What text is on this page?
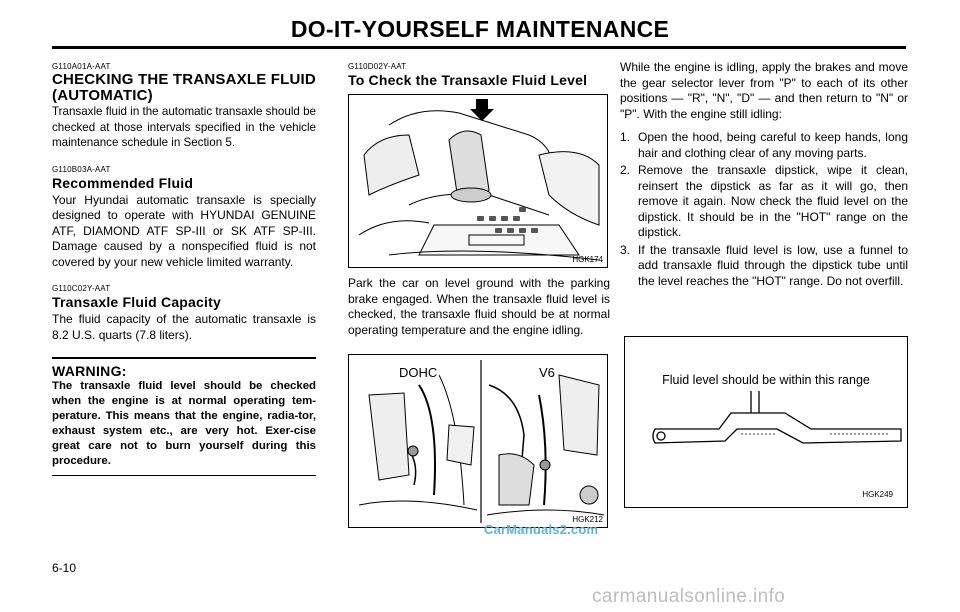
DO-IT-YOURSELF MAINTENANCE
G110A01A-AAT
CHECKING THE TRANSAXLE FLUID (AUTOMATIC)

Transaxle fluid in the automatic transaxle should be checked at those intervals specified in the vehicle maintenance schedule in Section 5.

G110B03A-AAT
Recommended Fluid

Your Hyundai automatic transaxle is specially designed to operate with HYUNDAI GENUINE ATF, DIAMOND ATF SP-III or SK ATF SP-III. Damage caused by a nonspecified fluid is not covered by your new vehicle limited warranty.

G110C02Y-AAT
Transaxle Fluid Capacity

The fluid capacity of the automatic transaxle is 8.2 U.S. quarts (7.8 liters).

WARNING:

The transaxle fluid level should be checked when the engine is at normal operating tem-perature. This means that the engine, radia-tor, exhaust system etc., are very hot. Exer-cise great care not to burn yourself during this procedure.

G110D02Y-AAT
To Check the Transaxle Fluid Level
HGK174

Park the car on level ground with the parking brake engaged. When the transaxle fluid level is checked, the transaxle fluid should be at normal operating temperature and the engine idling.

DOHC	V6
HGK212

While the engine is idling, apply the brakes and move the gear selector lever from "P" to each of its other positions — "R", "N", "D" — and then return to "N" or "P". With the engine still idling:

1. Open the hood, being careful to keep hands, long hair and clothing clear of any moving parts.
2. Remove the transaxle dipstick, wipe it clean, reinsert the dipstick as far as it will go, then remove it again. Now check the fluid level on the dipstick. It should be in the "HOT" range on the dipstick.
3. If the transaxle fluid level is low, use a funnel to add transaxle fluid through the dipstick tube until the level reaches the "HOT" range. Do not overfill.
Fluid level should be within this range
HGK249
6-10
CarManuals2.com
carmanualsonline.info
